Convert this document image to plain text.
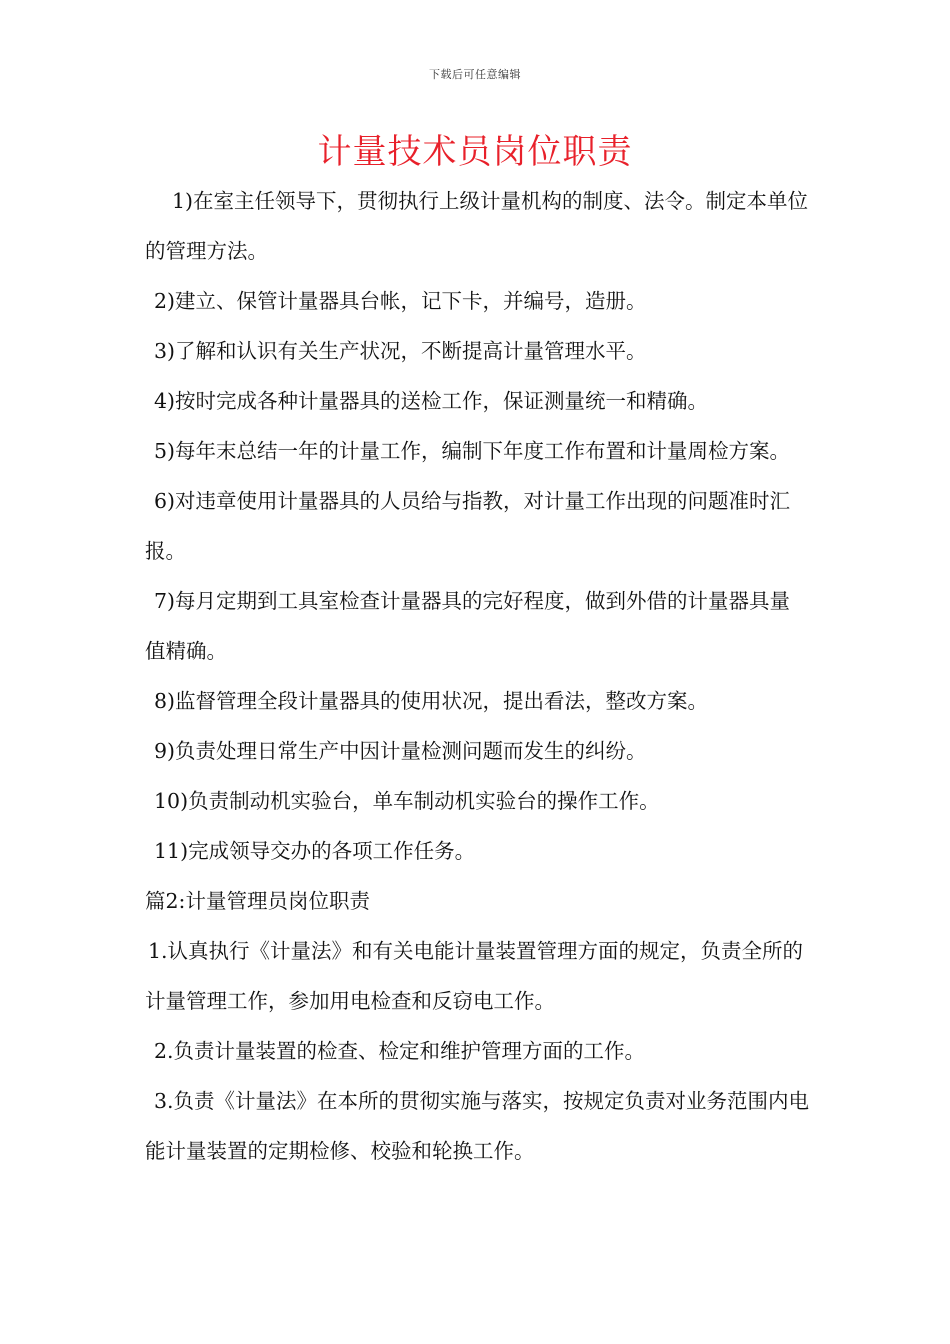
下载后可任意编辑
计量技术员岗位职责

1)在室主任领导下，贯彻执行上级计量机构的制度、法令。制定本单位的管理方法。

2)建立、保管计量器具台帐，记下卡，并编号，造册。

3)了解和认识有关生产状况，不断提高计量管理水平。

4)按时完成各种计量器具的送检工作，保证测量统一和精确。

5)每年末总结一年的计量工作，编制下年度工作布置和计量周检方案。

6)对违章使用计量器具的人员给与指教，对计量工作出现的问题准时汇报。

7)每月定期到工具室检查计量器具的完好程度，做到外借的计量器具量值精确。

8)监督管理全段计量器具的使用状况，提出看法，整改方案。

9)负责处理日常生产中因计量检测问题而发生的纠纷。

10)负责制动机实验台，单车制动机实验台的操作工作。

11)完成领导交办的各项工作任务。

篇2:计量管理员岗位职责

1.认真执行《计量法》和有关电能计量装置管理方面的规定，负责全所的计量管理工作，参加用电检查和反窃电工作。

2.负责计量装置的检查、检定和维护管理方面的工作。

3.负责《计量法》在本所的贯彻实施与落实，按规定负责对业务范围内电能计量装置的定期检修、校验和轮换工作。
